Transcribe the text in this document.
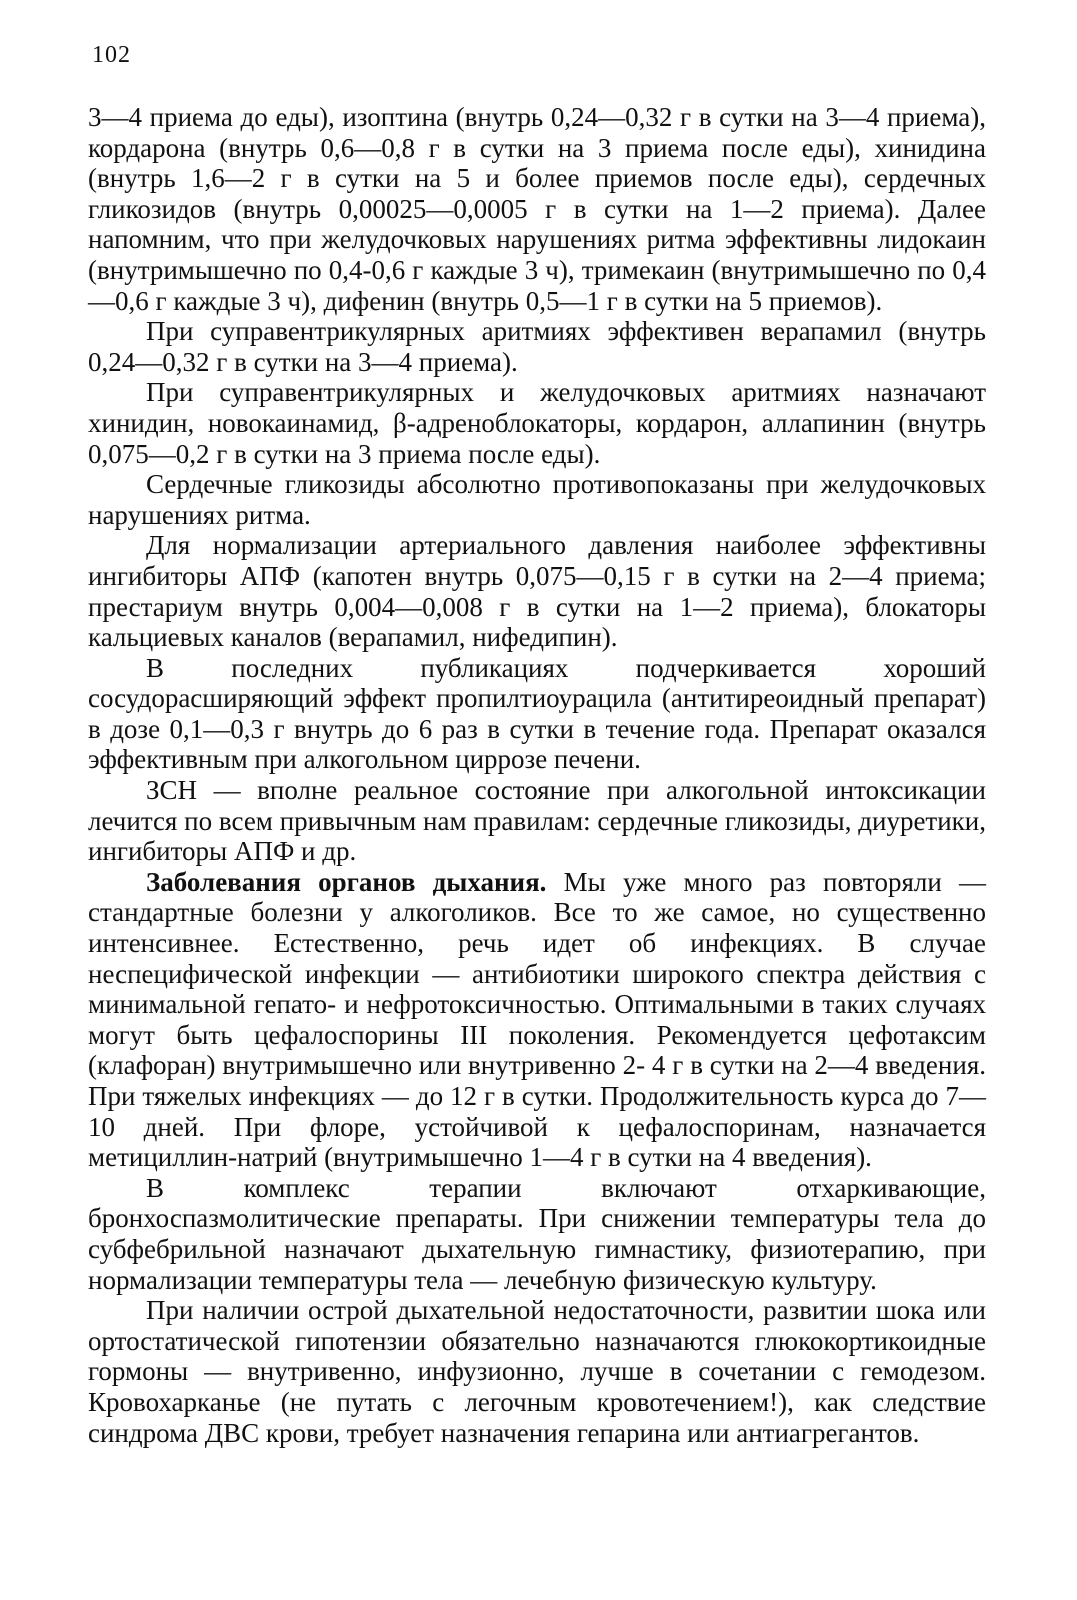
102

3—4 приема до еды), изоптина (внутрь 0,24—0,32 г в сутки на 3—4 приема), кордарона (внутрь 0,6—0,8 г в сутки на 3 приема после еды), хинидина (внутрь 1,6—2 г в сутки на 5 и более приемов после еды), сердечных гликозидов (внутрь 0,00025—0,0005 г в сутки на 1—2 приема). Далее напомним, что при желудочковых нарушениях ритма эффективны лидокаин (внутримышечно по 0,4-0,6 г каждые 3 ч), тримекаин (внутримышечно по 0,4—0,6 г каждые 3 ч), дифенин (внутрь 0,5—1 г в сутки на 5 приемов).

При суправентрикулярных аритмиях эффективен верапамил (внутрь 0,24—0,32 г в сутки на 3—4 приема).

При суправентрикулярных и желудочковых аритмиях назначают хинидин, новокаинамид, β-адреноблокаторы, кордарон, аллапинин (внутрь 0,075—0,2 г в сутки на 3 приема после еды).

Сердечные гликозиды абсолютно противопоказаны при желудочковых нарушениях ритма.

Для нормализации артериального давления наиболее эффективны ингибиторы АПФ (капотен внутрь 0,075—0,15 г в сутки на 2—4 приема; престариум внутрь 0,004—0,008 г в сутки на 1—2 приема), блокаторы кальциевых каналов (верапамил, нифедипин).

В последних публикациях подчеркивается хороший сосудорасширяющий эффект пропилтиоурацила (антитиреоидный препарат) в дозе 0,1—0,3 г внутрь до 6 раз в сутки в течение года. Препарат оказался эффективным при алкогольном циррозе печени.

ЗСН — вполне реальное состояние при алкогольной интоксикации лечится по всем привычным нам правилам: сердечные гликозиды, диуретики, ингибиторы АПФ и др.

Заболевания органов дыхания. Мы уже много раз повторяли — стандартные болезни у алкоголиков. Все то же самое, но существенно интенсивнее. Естественно, речь идет об инфекциях. В случае неспецифической инфекции — антибиотики широкого спектра действия с минимальной гепато- и нефротоксичностью. Оптимальными в таких случаях могут быть цефалоспорины III поколения. Рекомендуется цефотаксим (клафоран) внутримышечно или внутривенно 2- 4 г в сутки на 2—4 введения. При тяжелых инфекциях — до 12 г в сутки. Продолжительность курса до 7—10 дней. При флоре, устойчивой к цефалоспоринам, назначается метициллин-натрий (внутримышечно 1—4 г в сутки на 4 введения).

В комплекс терапии включают отхаркивающие, бронхоспазмолитические препараты. При снижении температуры тела до субфебрильной назначают дыхательную гимнастику, физиотерапию, при нормализации температуры тела — лечебную физическую культуру.

При наличии острой дыхательной недостаточности, развитии шока или ортостатической гипотензии обязательно назначаются глюкокортикоидные гормоны — внутривенно, инфузионно, лучше в сочетании с гемодезом. Кровохарканье (не путать с легочным кровотечением!), как следствие синдрома ДВС крови, требует назначения гепарина или антиагрегантов.
